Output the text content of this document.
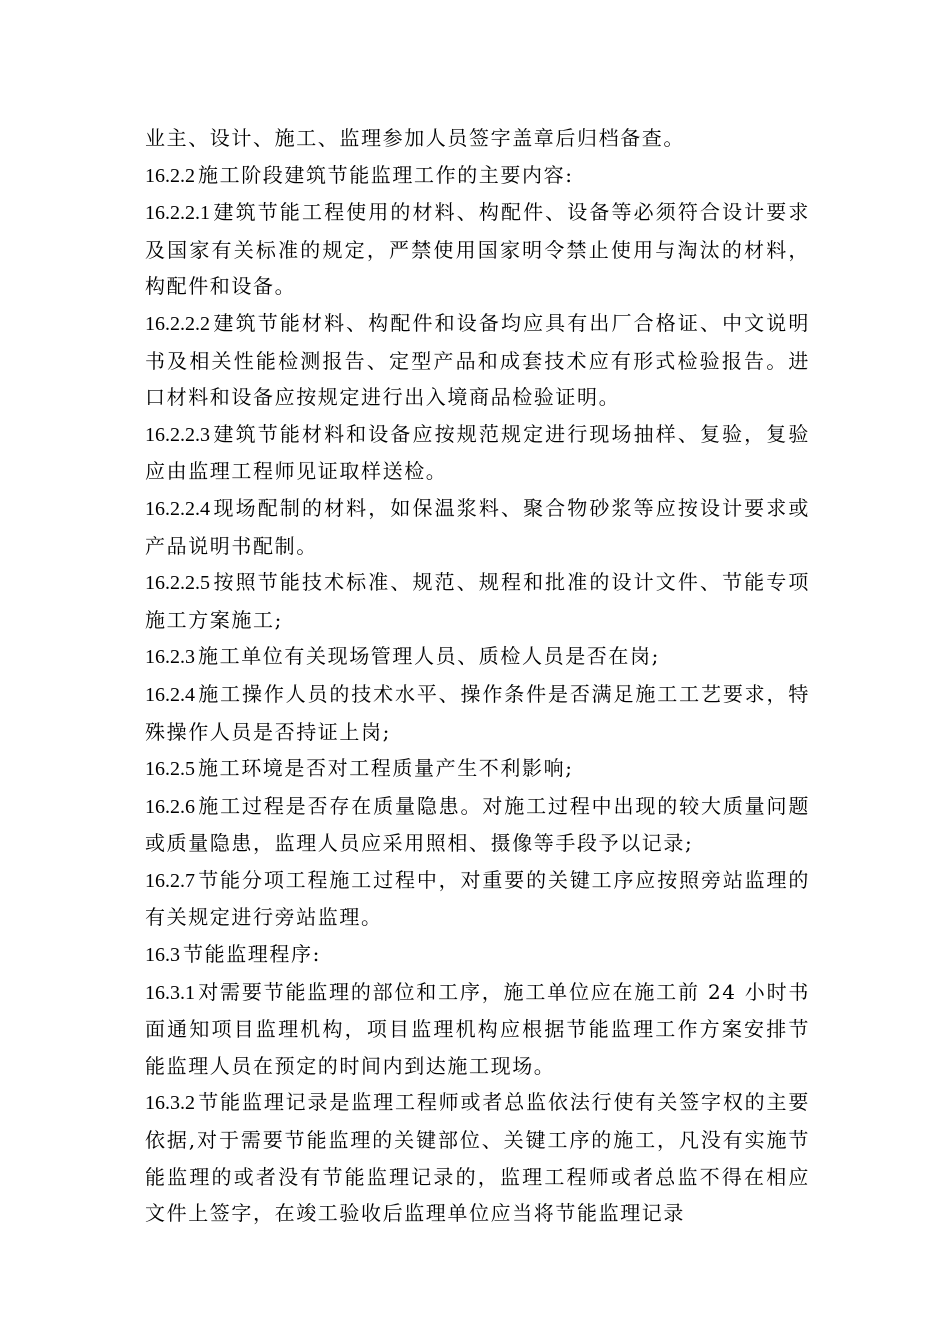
业主、设计、施工、监理参加人员签字盖章后归档备查。

16.2.2 施工阶段建筑节能监理工作的主要内容:

16.2.2.1 建筑节能工程使用的材料、构配件、设备等必须符合设计要求及国家有关标准的规定，严禁使用国家明令禁止使用与淘汰的材料，构配件和设备。

16.2.2.2 建筑节能材料、构配件和设备均应具有出厂合格证、中文说明书及相关性能检测报告、定型产品和成套技术应有形式检验报告。进口材料和设备应按规定进行出入境商品检验证明。

16.2.2.3 建筑节能材料和设备应按规范规定进行现场抽样、复验，复验应由监理工程师见证取样送检。

16.2.2.4 现场配制的材料，如保温浆料、聚合物砂浆等应按设计要求或产品说明书配制。

16.2.2.5 按照节能技术标准、规范、规程和批准的设计文件、节能专项施工方案施工;

16.2.3 施工单位有关现场管理人员、质检人员是否在岗;

16.2.4 施工操作人员的技术水平、操作条件是否满足施工工艺要求，特殊操作人员是否持证上岗;

16.2.5 施工环境是否对工程质量产生不利影响;

16.2.6 施工过程是否存在质量隐患。对施工过程中出现的较大质量问题或质量隐患，监理人员应采用照相、摄像等手段予以记录;

16.2.7 节能分项工程施工过程中，对重要的关键工序应按照旁站监理的有关规定进行旁站监理。

16.3 节能监理程序:

16.3.1 对需要节能监理的部位和工序，施工单位应在施工前 24 小时书面通知项目监理机构，项目监理机构应根据节能监理工作方案安排节能监理人员在预定的时间内到达施工现场。

16.3.2 节能监理记录是监理工程师或者总监依法行使有关签字权的主要依据,对于需要节能监理的关键部位、关键工序的施工，凡没有实施节能监理的或者没有节能监理记录的，监理工程师或者总监不得在相应文件上签字，在竣工验收后监理单位应当将节能监理记录
